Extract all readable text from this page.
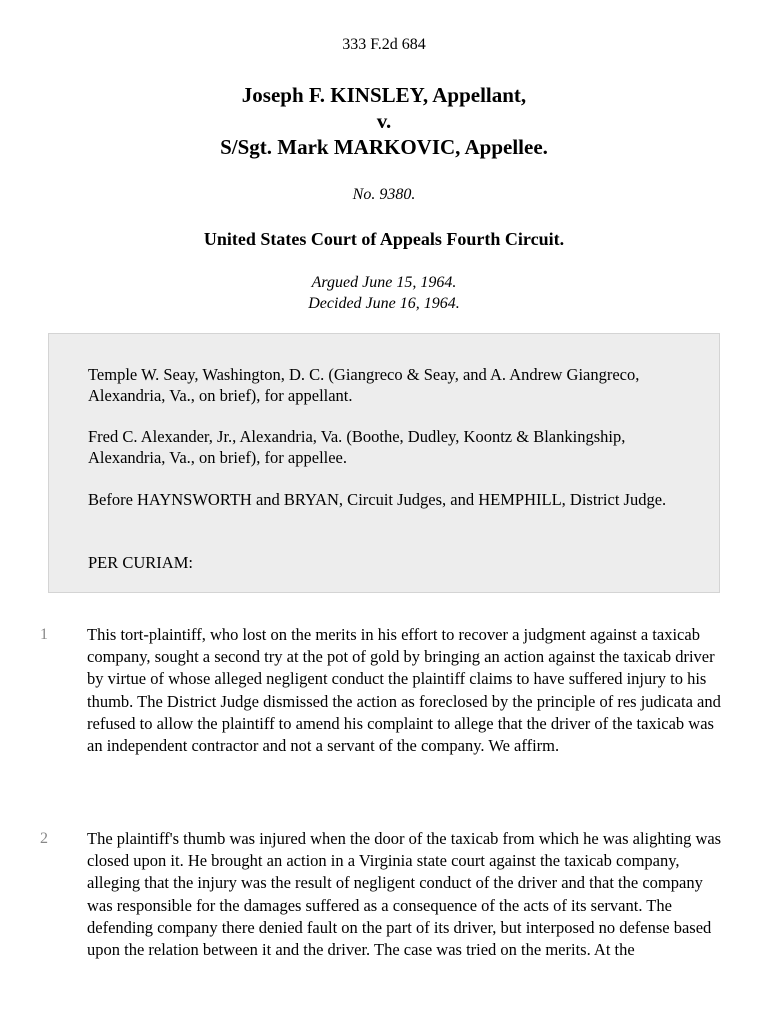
333 F.2d 684
Joseph F. KINSLEY, Appellant,
v.
S/Sgt. Mark MARKOVIC, Appellee.
No. 9380.
United States Court of Appeals Fourth Circuit.
Argued June 15, 1964.
Decided June 16, 1964.

Temple W. Seay, Washington, D. C. (Giangreco & Seay, and A. Andrew Giangreco, Alexandria, Va., on brief), for appellant.

Fred C. Alexander, Jr., Alexandria, Va. (Boothe, Dudley, Koontz & Blankingship, Alexandria, Va., on brief), for appellee.

Before HAYNSWORTH and BRYAN, Circuit Judges, and HEMPHILL, District Judge.

PER CURIAM:

1	This tort-plaintiff, who lost on the merits in his effort to recover a judgment against a taxicab company, sought a second try at the pot of gold by bringing an action against the taxicab driver by virtue of whose alleged negligent conduct the plaintiff claims to have suffered injury to his thumb. The District Judge dismissed the action as foreclosed by the principle of res judicata and refused to allow the plaintiff to amend his complaint to allege that the driver of the taxicab was an independent contractor and not a servant of the company. We affirm.

2	The plaintiff's thumb was injured when the door of the taxicab from which he was alighting was closed upon it. He brought an action in a Virginia state court against the taxicab company, alleging that the injury was the result of negligent conduct of the driver and that the company was responsible for the damages suffered as a consequence of the acts of its servant. The defending company there denied fault on the part of its driver, but interposed no defense based upon the relation between it and the driver. The case was tried on the merits. At the
